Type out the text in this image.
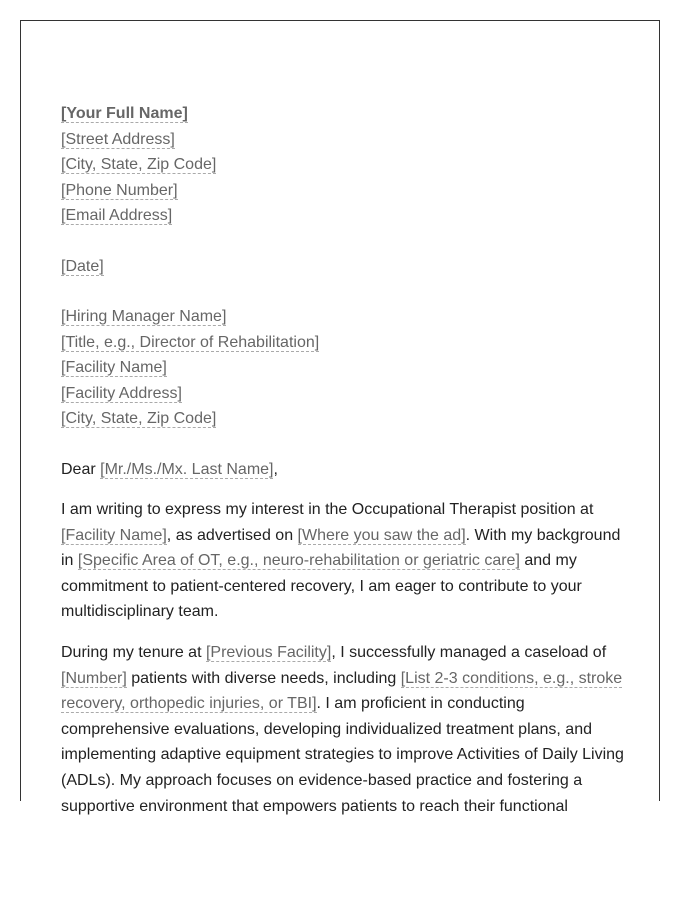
[Your Full Name]
[Street Address]
[City, State, Zip Code]
[Phone Number]
[Email Address]
[Date]
[Hiring Manager Name]
[Title, e.g., Director of Rehabilitation]
[Facility Name]
[Facility Address]
[City, State, Zip Code]

Dear [Mr./Ms./Mx. Last Name],

I am writing to express my interest in the Occupational Therapist position at [Facility Name], as advertised on [Where you saw the ad]. With my background in [Specific Area of OT, e.g., neuro-rehabilitation or geriatric care] and my commitment to patient-centered recovery, I am eager to contribute to your multidisciplinary team.

During my tenure at [Previous Facility], I successfully managed a caseload of [Number] patients with diverse needs, including [List 2-3 conditions, e.g., stroke recovery, orthopedic injuries, or TBI]. I am proficient in conducting comprehensive evaluations, developing individualized treatment plans, and implementing adaptive equipment strategies to improve Activities of Daily Living (ADLs). My approach focuses on evidence-based practice and fostering a supportive environment that empowers patients to reach their functional
